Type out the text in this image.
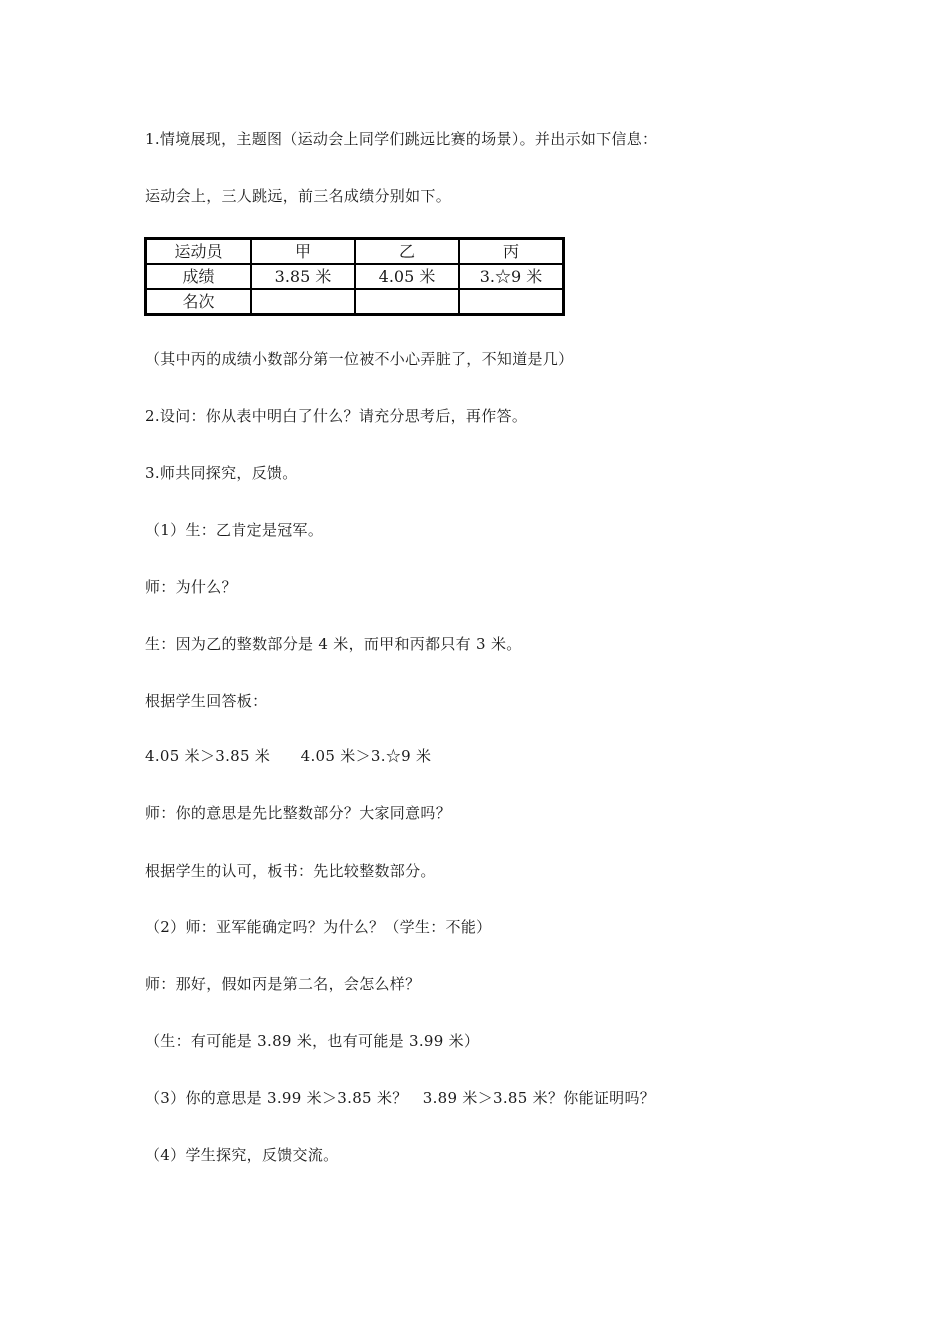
1.情境展现，主题图（运动会上同学们跳远比赛的场景）。并出示如下信息：
运动会上，三人跳远，前三名成绩分别如下。
运动员	甲	乙	丙
成绩	3.85 米	4.05 米	3.☆9 米
名次			
（其中丙的成绩小数部分第一位被不小心弄脏了，不知道是几）
2.设问：你从表中明白了什么？请充分思考后，再作答。
3.师共同探究，反馈。
（1）生：乙肯定是冠军。
师：为什么？
生：因为乙的整数部分是 4 米，而甲和丙都只有 3 米。
根据学生回答板：
4.05 米＞3.85 米      4.05 米＞3.☆9 米
师：你的意思是先比整数部分？大家同意吗？
根据学生的认可，板书：先比较整数部分。
（2）师：亚军能确定吗？为什么？（学生：不能）
师：那好，假如丙是第二名，会怎么样？
（生：有可能是 3.89 米，也有可能是 3.99 米）
（3）你的意思是 3.99 米＞3.85 米？   3.89 米＞3.85 米？你能证明吗？
（4）学生探究，反馈交流。
